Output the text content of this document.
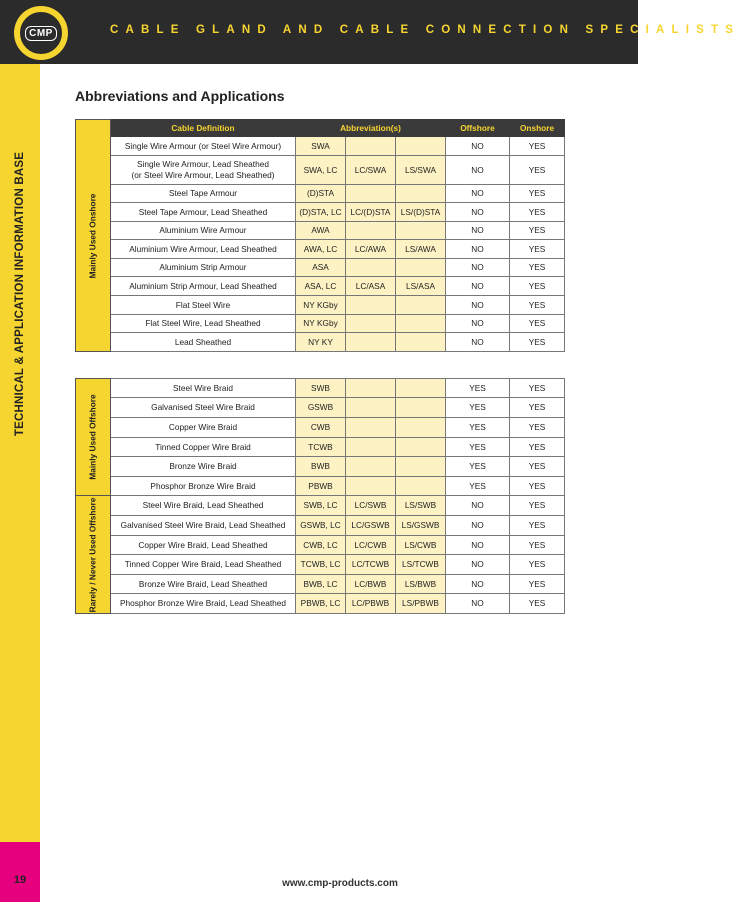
CMP	CABLE GLAND AND CABLE CONNECTION SPECIALISTS
TECHNICAL & APPLICATION INFORMATION BASE
19
Abbreviations and Applications
Mainly Used Onshore	Cable Definition	Abbreviation(s)			Offshore	Onshore

	Single Wire Armour (or Steel Wire Armour)	SWA			NO	YES

	Single Wire Armour, Lead Sheathed
(or Steel Wire Armour, Lead Sheathed)	SWA, LC	LC/SWA	LS/SWA	NO	YES

	Steel Tape Armour	(D)STA			NO	YES

	Steel Tape Armour, Lead Sheathed	(D)STA, LC	LC/(D)STA	LS/(D)STA	NO	YES

	Aluminium Wire Armour	AWA			NO	YES

	Aluminium Wire Armour, Lead Sheathed	AWA, LC	LC/AWA	LS/AWA	NO	YES

	Aluminium Strip Armour	ASA			NO	YES

	Aluminium Strip Armour, Lead Sheathed	ASA, LC	LC/ASA	LS/ASA	NO	YES

	Flat Steel Wire	NY KGby			NO	YES

	Flat Steel Wire, Lead Sheathed	NY KGby			NO	YES

	Lead Sheathed	NY KY			NO	YES
Mainly Used Offshore	Steel Wire Braid	SWB			YES	YES

	Galvanised Steel Wire Braid	GSWB			YES	YES

	Copper Wire Braid	CWB			YES	YES

	Tinned Copper Wire Braid	TCWB			YES	YES

	Bronze Wire Braid	BWB			YES	YES

	Phosphor Bronze Wire Braid	PBWB			YES	YES

Rarely / Never Used Offshore	Steel Wire Braid, Lead Sheathed	SWB, LC	LC/SWB	LS/SWB	NO	YES

	Galvanised Steel Wire Braid, Lead Sheathed	GSWB, LC	LC/GSWB	LS/GSWB	NO	YES

	Copper Wire Braid, Lead Sheathed	CWB, LC	LC/CWB	LS/CWB	NO	YES

	Tinned Copper Wire Braid, Lead Sheathed	TCWB, LC	LC/TCWB	LS/TCWB	NO	YES

	Bronze Wire Braid, Lead Sheathed	BWB, LC	LC/BWB	LS/BWB	NO	YES

	Phosphor Bronze Wire Braid, Lead Sheathed	PBWB, LC	LC/PBWB	LS/PBWB	NO	YES
www.cmp-products.com
